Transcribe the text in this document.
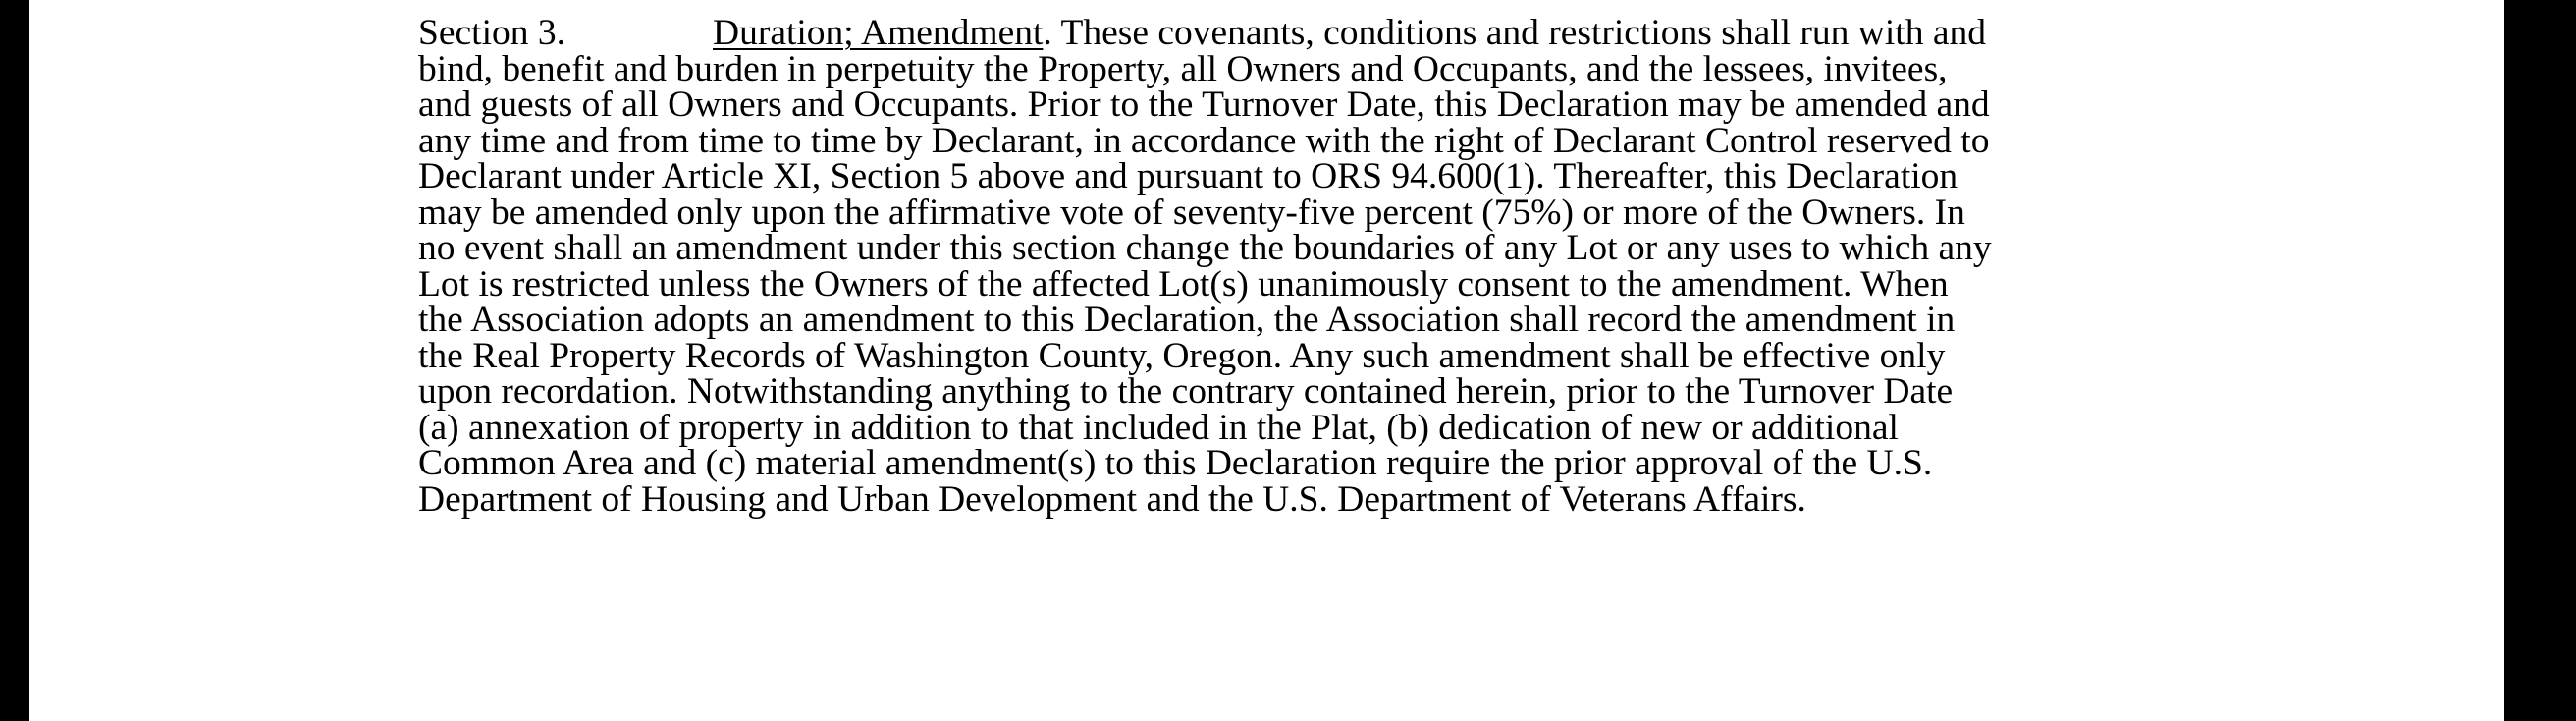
Section 3.	Duration; Amendment. These covenants, conditions and restrictions shall run with and
bind, benefit and burden in perpetuity the Property, all Owners and Occupants, and the lessees, invitees,
and guests of all Owners and Occupants. Prior to the Turnover Date, this Declaration may be amended and
any time and from time to time by Declarant, in accordance with the right of Declarant Control reserved to
Declarant under Article XI, Section 5 above and pursuant to ORS 94.600(1). Thereafter, this Declaration
may be amended only upon the affirmative vote of seventy-five percent (75%) or more of the Owners. In
no event shall an amendment under this section change the boundaries of any Lot or any uses to which any
Lot is restricted unless the Owners of the affected Lot(s) unanimously consent to the amendment. When
the Association adopts an amendment to this Declaration, the Association shall record the amendment in
the Real Property Records of Washington County, Oregon. Any such amendment shall be effective only
upon recordation. Notwithstanding anything to the contrary contained herein, prior to the Turnover Date
(a) annexation of property in addition to that included in the Plat, (b) dedication of new or additional
Common Area and (c) material amendment(s) to this Declaration require the prior approval of the U.S.
Department of Housing and Urban Development and the U.S. Department of Veterans Affairs.
